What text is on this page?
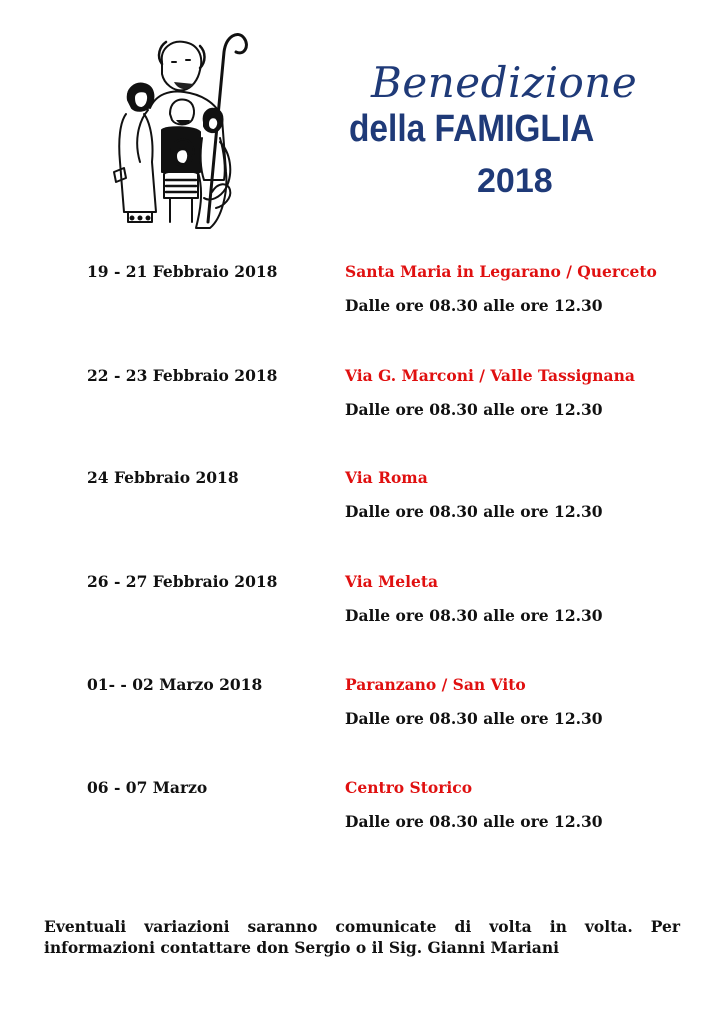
Benedizione
della FAMIGLIA
2018
19 - 21 Febbraio 2018	Santa Maria in Legarano / Querceto
Dalle ore 08.30 alle ore 12.30
22 - 23 Febbraio 2018	Via G. Marconi / Valle Tassignana
Dalle ore 08.30 alle ore 12.30
24 Febbraio 2018	Via Roma
Dalle ore 08.30 alle ore 12.30
26 - 27 Febbraio 2018	Via Meleta
Dalle ore 08.30 alle ore 12.30
01- - 02 Marzo 2018	Paranzano / San Vito
Dalle ore 08.30 alle ore 12.30
06 - 07 Marzo	Centro Storico
Dalle ore 08.30 alle ore 12.30
Eventuali variazioni saranno comunicate di volta in volta. Per informazioni contattare don Sergio o il Sig. Gianni Mariani
